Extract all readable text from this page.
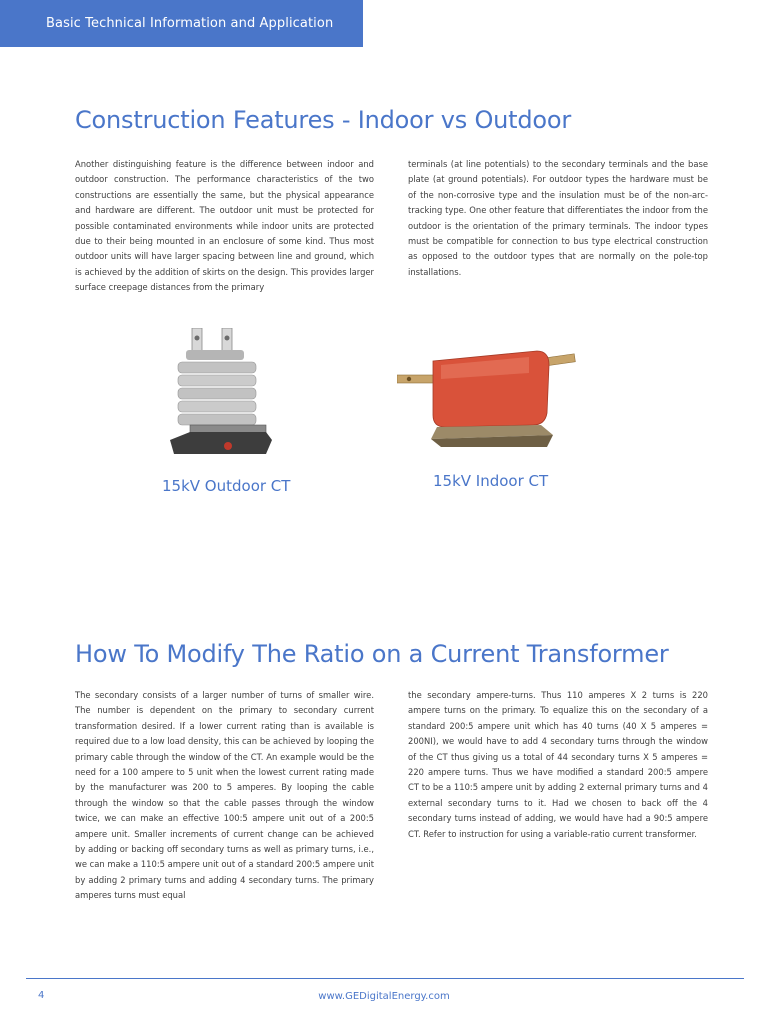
Basic Technical Information and Application
Construction Features - Indoor vs Outdoor

Another distinguishing feature is the difference between indoor and outdoor construction. The performance characteristics of the two constructions are essentially the same, but the physical appearance and hardware are different. The outdoor unit must be protected for possible contaminated environments while indoor units are protected due to their being mounted in an enclosure of some kind. Thus most outdoor units will have larger spacing between line and ground, which is achieved by the addition of skirts on the design. This provides larger surface creepage distances from the primary

terminals (at line potentials) to the secondary terminals and the base plate (at ground potentials). For outdoor types the hardware must be of the non-corrosive type and the insulation must be of the non-arc-tracking type. One other feature that differentiates the indoor from the outdoor is the orientation of the primary terminals. The indoor types must be compatible for connection to bus type electrical construction as opposed to the outdoor types that are normally on the pole-top installations.

15kV Outdoor CT	15kV Indoor CT

How To Modify The Ratio on a Current Transformer

The secondary consists of a larger number of turns of smaller wire. The number is dependent on the primary to secondary current transformation desired. If a lower current rating than is available is required due to a low load density, this can be achieved by looping the primary cable through the window of the CT. An example would be the need for a 100 ampere to 5 unit when the lowest current rating made by the manufacturer was 200 to 5 amperes. By looping the cable through the window so that the cable passes through the window twice, we can make an effective 100:5 ampere unit out of a 200:5 ampere unit. Smaller increments of current change can be achieved by adding or backing off secondary turns as well as primary turns, i.e., we can make a 110:5 ampere unit out of a standard 200:5 ampere unit by adding 2 primary turns and adding 4 secondary turns. The primary amperes turns must equal

the secondary ampere-turns. Thus 110 amperes X 2 turns is 220 ampere turns on the primary. To equalize this on the secondary of a standard 200:5 ampere unit which has 40 turns (40 X 5 amperes = 200NI), we would have to add 4 secondary turns through the window of the CT thus giving us a total of 44 secondary turns X 5 amperes = 220 ampere turns. Thus we have modified a standard 200:5 ampere CT to be a 110:5 ampere unit by adding 2 external primary turns and 4 external secondary turns to it. Had we chosen to back off the 4 secondary turns instead of adding, we would have had a 90:5 ampere CT. Refer to instruction for using a variable-ratio current transformer.

4	www.GEDigitalEnergy.com
